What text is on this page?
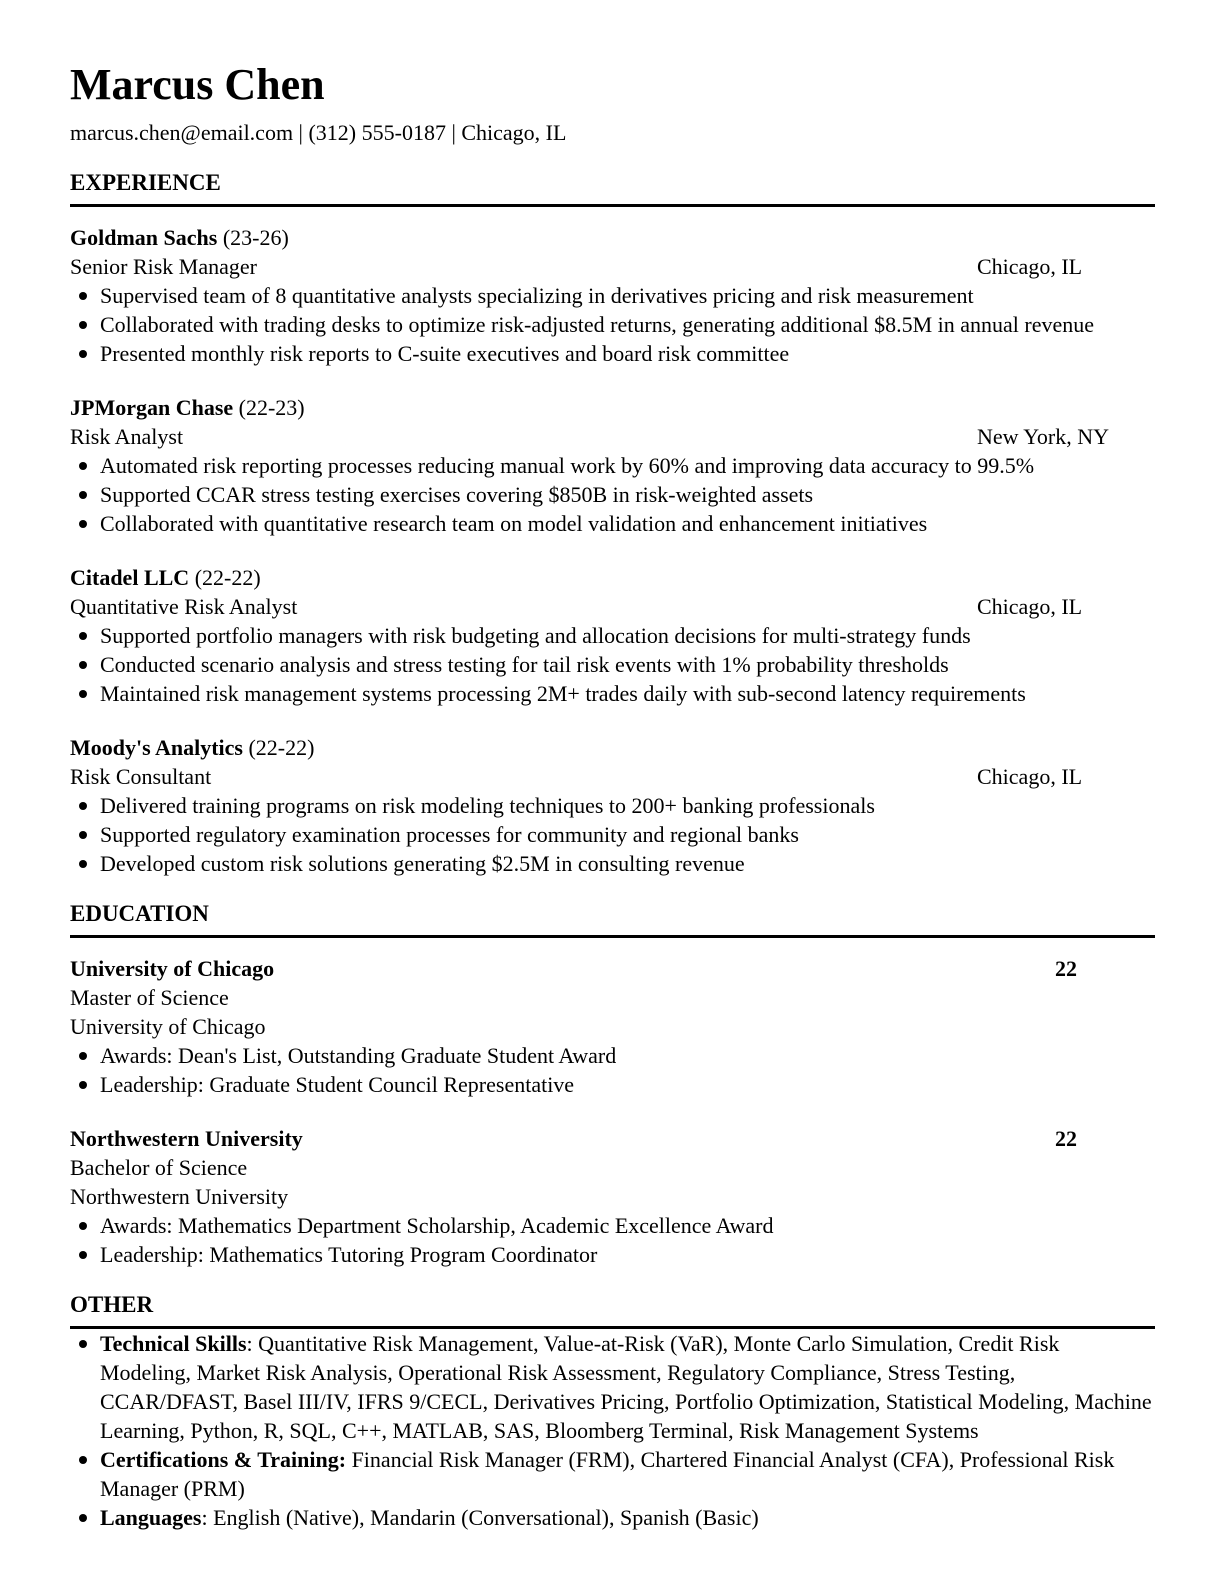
Marcus Chen
marcus.chen@email.com | (312) 555-0187 | Chicago, IL
EXPERIENCE
Goldman Sachs (23-26)
Senior Risk Manager	Chicago, IL
Supervised team of 8 quantitative analysts specializing in derivatives pricing and risk measurement
Collaborated with trading desks to optimize risk-adjusted returns, generating additional $8.5M in annual revenue
Presented monthly risk reports to C-suite executives and board risk committee
JPMorgan Chase (22-23)
Risk Analyst	New York, NY
Automated risk reporting processes reducing manual work by 60% and improving data accuracy to 99.5%
Supported CCAR stress testing exercises covering $850B in risk-weighted assets
Collaborated with quantitative research team on model validation and enhancement initiatives
Citadel LLC (22-22)
Quantitative Risk Analyst	Chicago, IL
Supported portfolio managers with risk budgeting and allocation decisions for multi-strategy funds
Conducted scenario analysis and stress testing for tail risk events with 1% probability thresholds
Maintained risk management systems processing 2M+ trades daily with sub-second latency requirements
Moody's Analytics (22-22)
Risk Consultant	Chicago, IL
Delivered training programs on risk modeling techniques to 200+ banking professionals
Supported regulatory examination processes for community and regional banks
Developed custom risk solutions generating $2.5M in consulting revenue
EDUCATION
University of Chicago	22
Master of Science
University of Chicago
Awards: Dean's List, Outstanding Graduate Student Award
Leadership: Graduate Student Council Representative
Northwestern University	22
Bachelor of Science
Northwestern University
Awards: Mathematics Department Scholarship, Academic Excellence Award
Leadership: Mathematics Tutoring Program Coordinator
OTHER
Technical Skills: Quantitative Risk Management, Value-at-Risk (VaR), Monte Carlo Simulation, Credit Risk Modeling, Market Risk Analysis, Operational Risk Assessment, Regulatory Compliance, Stress Testing, CCAR/DFAST, Basel III/IV, IFRS 9/CECL, Derivatives Pricing, Portfolio Optimization, Statistical Modeling, Machine Learning, Python, R, SQL, C++, MATLAB, SAS, Bloomberg Terminal, Risk Management Systems
Certifications & Training: Financial Risk Manager (FRM), Chartered Financial Analyst (CFA), Professional Risk Manager (PRM)
Languages: English (Native), Mandarin (Conversational), Spanish (Basic)
